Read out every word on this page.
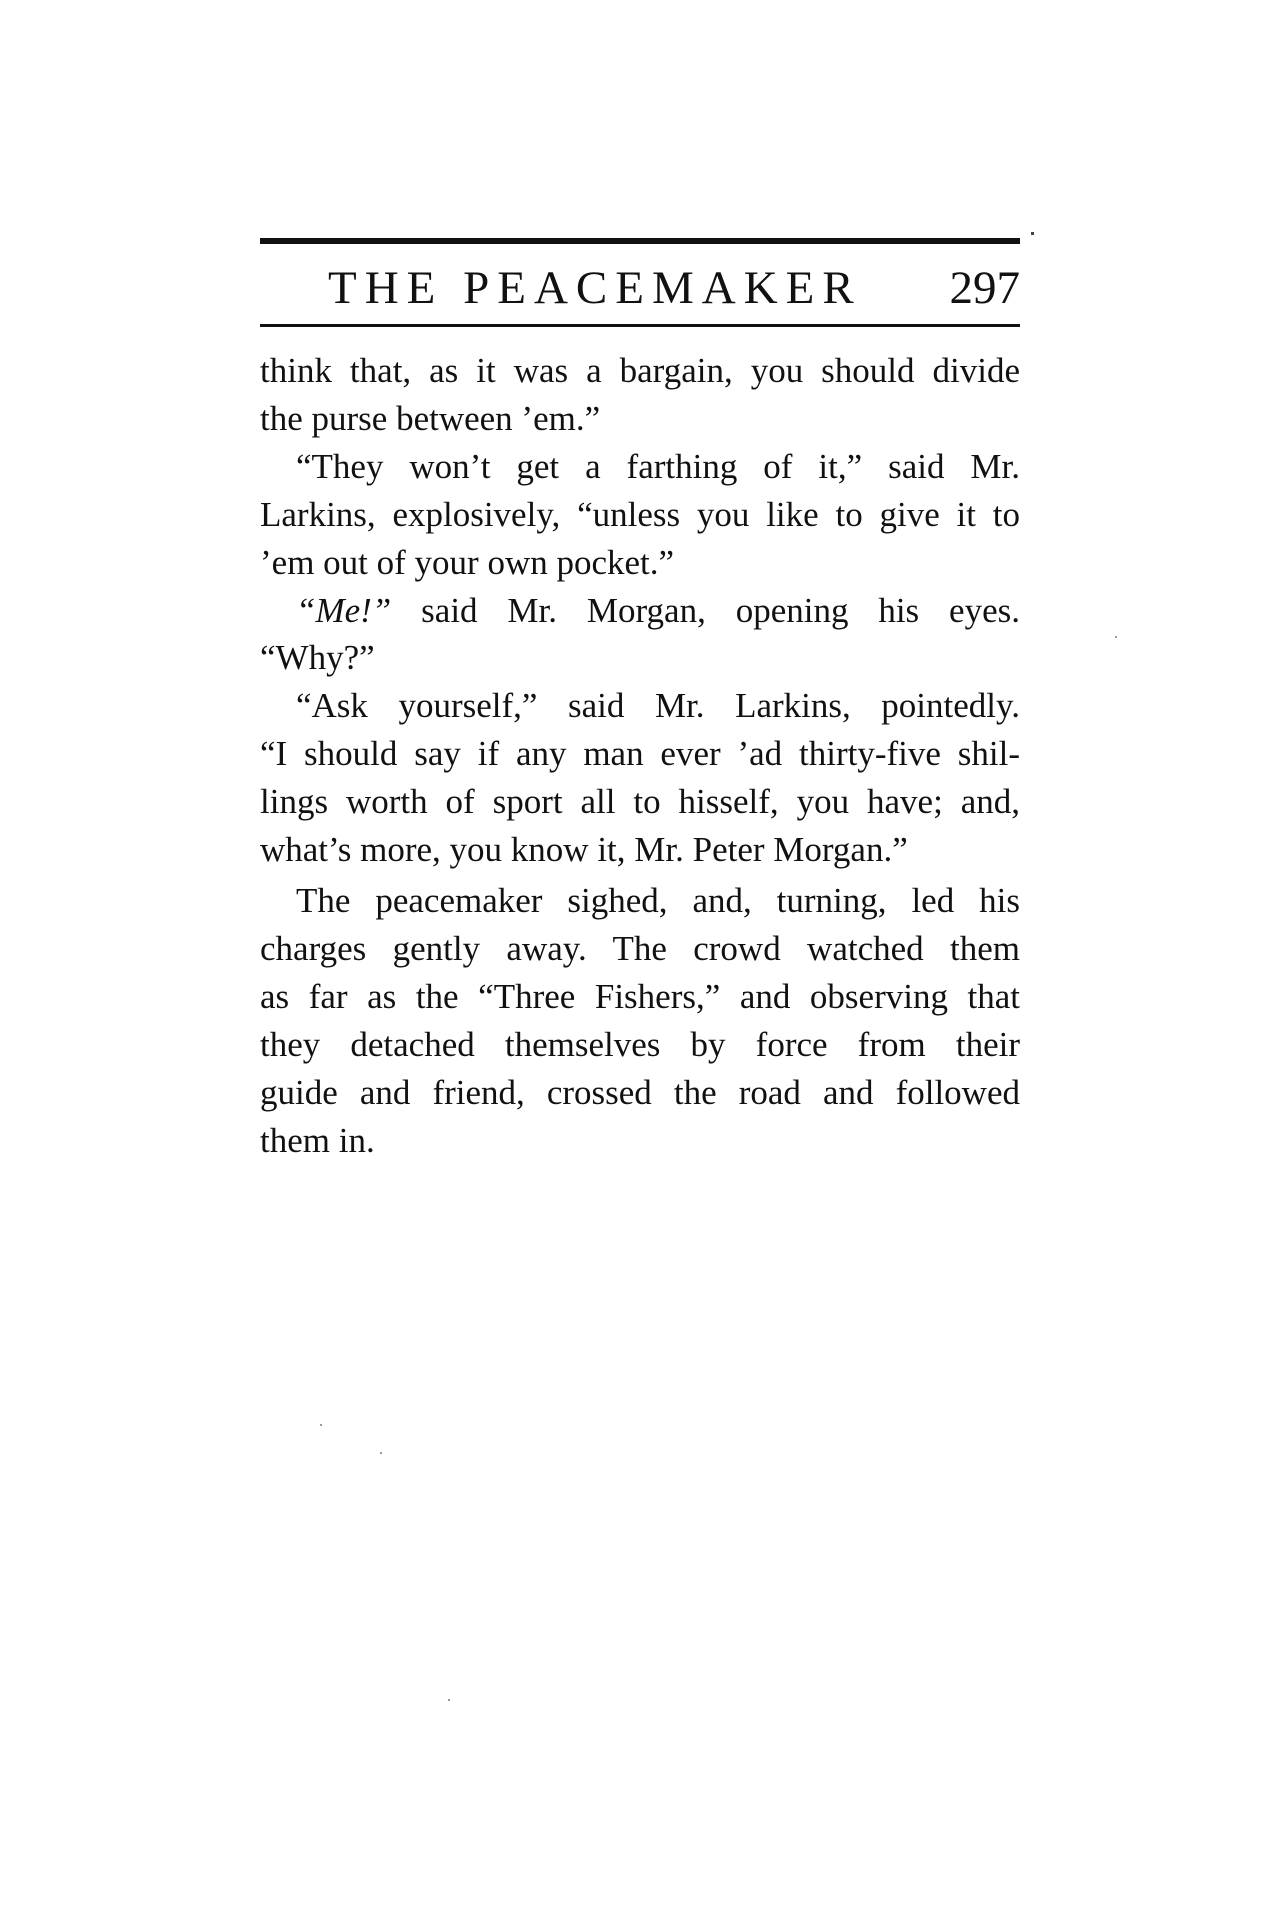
THE PEACEMAKER 297
think that, as it was a bargain, you should divide
the purse between ’em.”
“They won’t get a farthing of it,” said Mr.
Larkins, explosively, “unless you like to give it to
’em out of your own pocket.”
“Me!” said Mr. Morgan, opening his eyes.
“Why?”
“Ask yourself,” said Mr. Larkins, pointedly.
“I should say if any man ever ’ad thirty-five shil-
lings worth of sport all to hisself, you have; and,
what’s more, you know it, Mr. Peter Morgan.”
The peacemaker sighed, and, turning, led his
charges gently away. The crowd watched them
as far as the “Three Fishers,” and observing that
they detached themselves by force from their
guide and friend, crossed the road and followed
them in.
